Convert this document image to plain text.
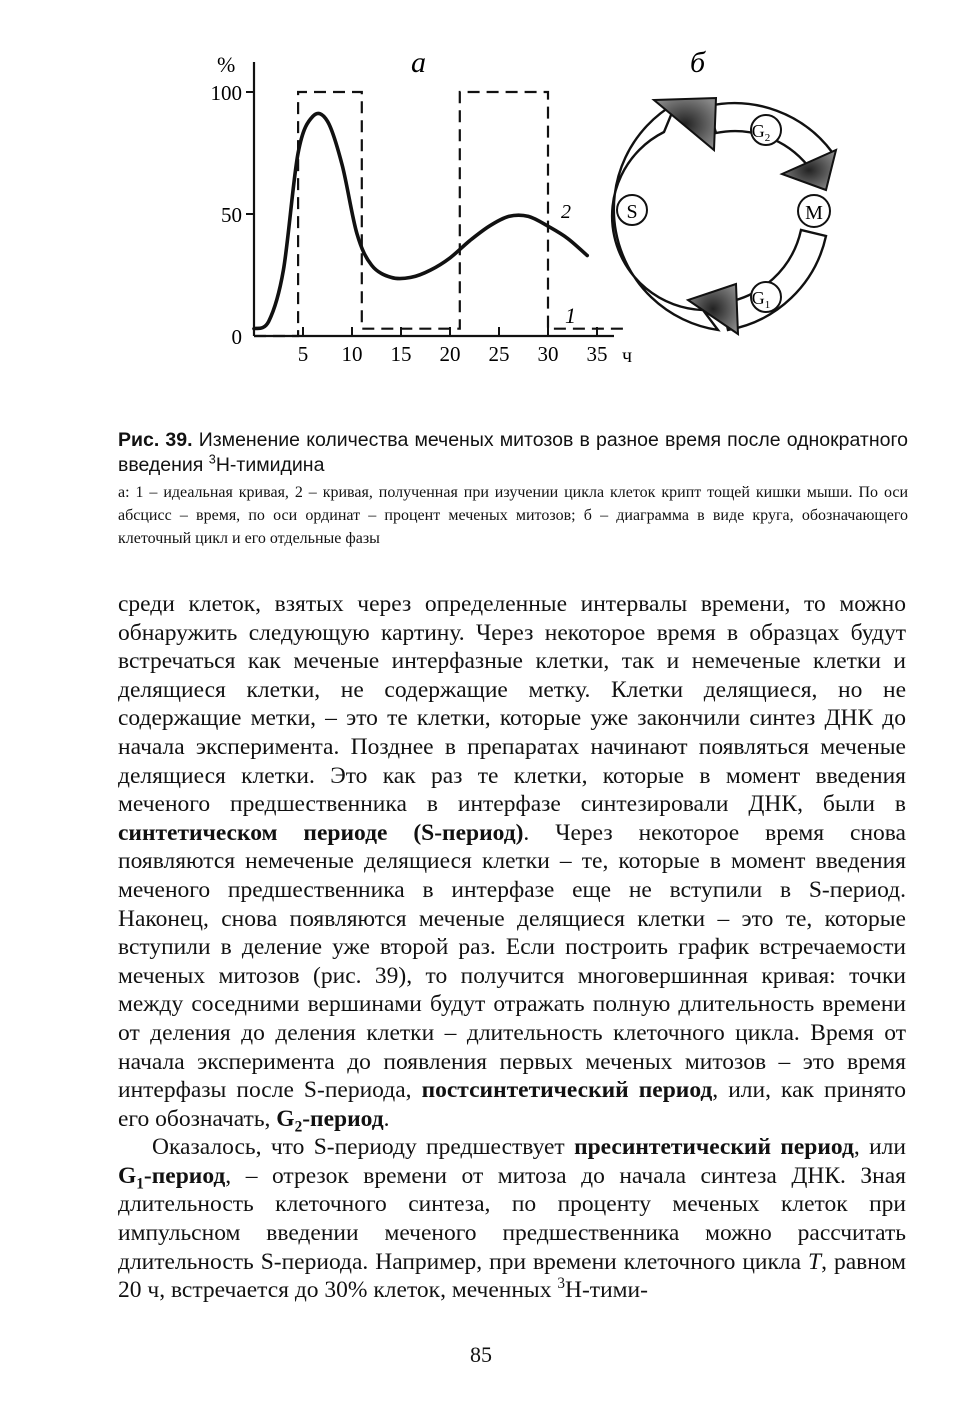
а	б
%
ч
0
50
100
5 10 15 20 25 30 35
2
1
S	M
$G_2$
$G_1$
Рис. 39. Изменение количества меченых митозов в разное время после однократного введения $^3$Н-тимидина
а: 1 – идеальная кривая, 2 – кривая, полученная при изучении цикла клеток крипт тощей кишки мыши. По оси абсцисс – время, по оси ординат – процент меченых митозов; б – диаграмма в виде круга, обозначающего клеточный цикл и его отдельные фазы

среди клеток, взятых через определенные интервалы времени, то можно обнаружить следующую картину. Через некоторое время в образцах будут встречаться как меченые интерфазные клетки, так и немеченые клетки и делящиеся клетки, не содержащие метку. Клетки делящиеся, но не содержащие метки, – это те клетки, которые уже закончили синтез ДНК до начала эксперимента. Позднее в препаратах начинают появляться меченые делящиеся клетки. Это как раз те клетки, которые в момент введения меченого предшественника в интерфазе синтезировали ДНК, были в синтетическом периоде (S-период). Через некоторое время снова появляются немеченые делящиеся клетки – те, которые в момент введения меченого предшественника в интерфазе еще не вступили в S-период. Наконец, снова появляются меченые делящиеся клетки – это те, которые вступили в деление уже второй раз. Если построить график встречаемости меченых митозов (рис. 39), то получится многовершинная кривая: точки между соседними вершинами будут отражать полную длительность времени от деления до деления клетки – длительность клеточного цикла. Время от начала эксперимента до появления первых меченых митозов – это время интерфазы после S-периода, постсинтетический период, или, как принято его обозначать, $G_2$-период.

Оказалось, что S-периоду предшествует пресинтетический период, или $G_1$-период, – отрезок времени от митоза до начала синтеза ДНК. Зная длительность клеточного синтеза, по проценту меченых клеток при импульсном введении меченого предшественника можно рассчитать длительность S-периода. Например, при времени клеточного цикла T, равном 20 ч, встречается до 30% клеток, меченных $^3$Н-тими-

85
